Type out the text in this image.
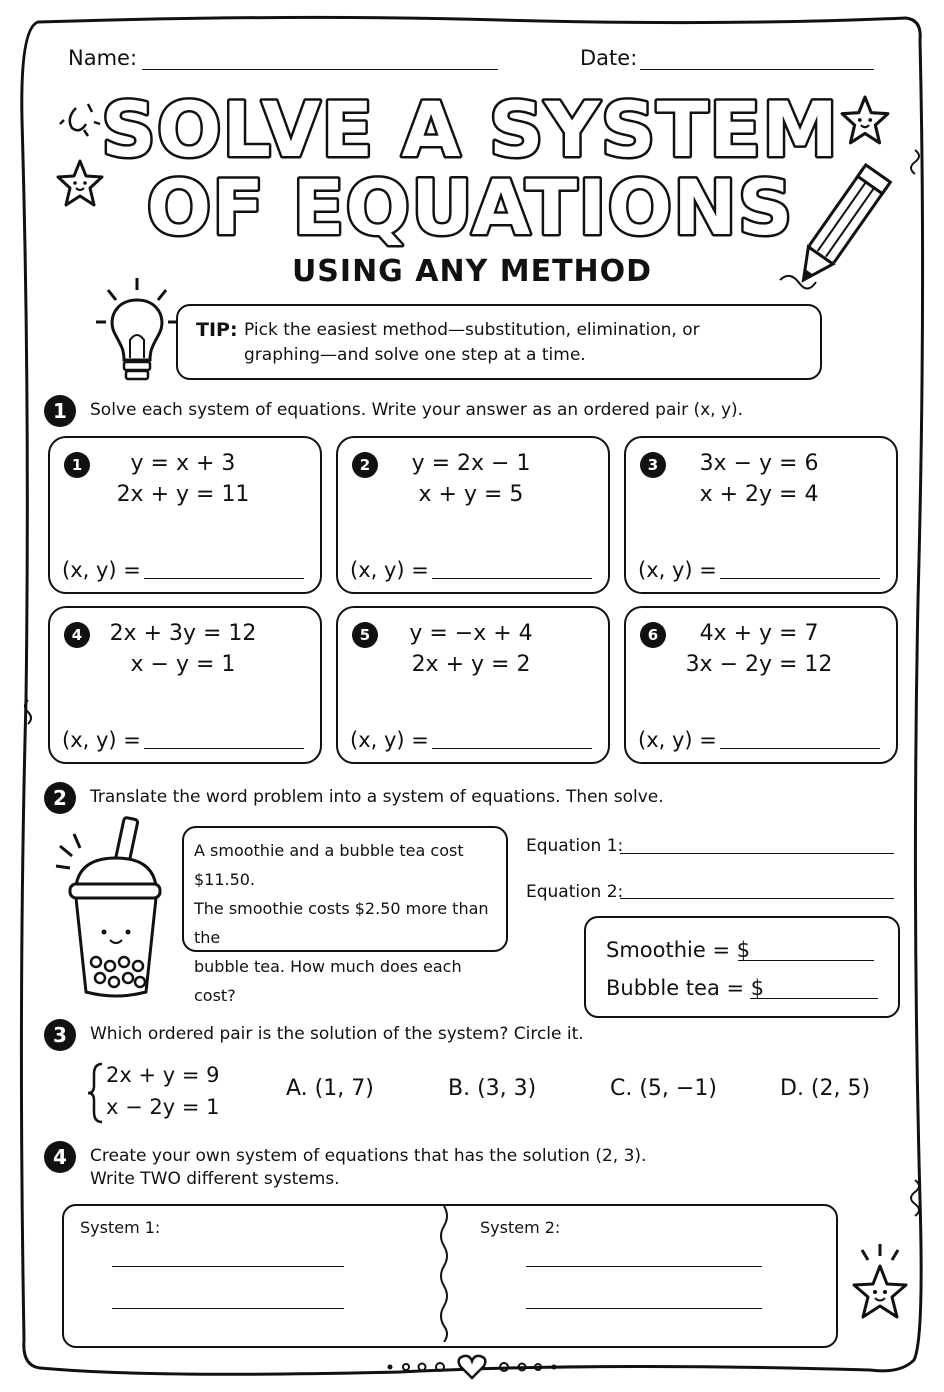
Name:	Date:
SOLVE A SYSTEM
OF EQUATIONS
USING ANY METHOD
TIP: Pick the easiest method—substitution, elimination, or
graphing—and solve one step at a time.
1	Solve each system of equations. Write your answer as an ordered pair (x, y).
1	y = x + 3
2x + y = 11
(x, y) =
2	y = 2x − 1
x + y = 5
(x, y) =
3	3x − y = 6
x + 2y = 4
(x, y) =
4	2x + 3y = 12
x − y = 1
(x, y) =
5	y = −x + 4
2x + y = 2
(x, y) =
6	4x + y = 7
3x − 2y = 12
(x, y) =
2	Translate the word problem into a system of equations. Then solve.
A smoothie and a bubble tea cost $11.50.
The smoothie costs $2.50 more than the
bubble tea. How much does each cost?
Equation 1:
Equation 2:
Smoothie = $
Bubble tea = $
3	Which ordered pair is the solution of the system? Circle it.
2x + y = 9
x − 2y = 1
A. (1, 7)	B. (3, 3)	C. (5, −1)	D. (2, 5)
4	Create your own system of equations that has the solution (2, 3).
Write TWO different systems.
System 1:	System 2:
